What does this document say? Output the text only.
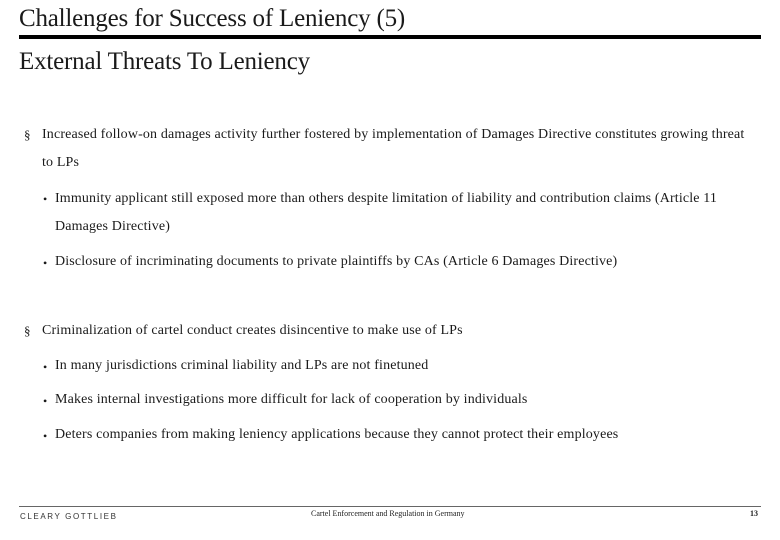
Challenges for Success of Leniency (5)
External Threats To Leniency
§ Increased follow-on damages activity further fostered by implementation of Damages Directive constitutes growing threat to LPs
• Immunity applicant still exposed more than others despite limitation of liability and contribution claims (Article 11 Damages Directive)
• Disclosure of incriminating documents to private plaintiffs by CAs (Article 6 Damages Directive)
§ Criminalization of cartel conduct creates disincentive to make use of LPs
• In many jurisdictions criminal liability and LPs are not finetuned
• Makes internal investigations more difficult for lack of cooperation by individuals
• Deters companies from making leniency applications because they cannot protect their employees
CLEARY GOTTLIEB	Cartel Enforcement and Regulation in Germany	13
